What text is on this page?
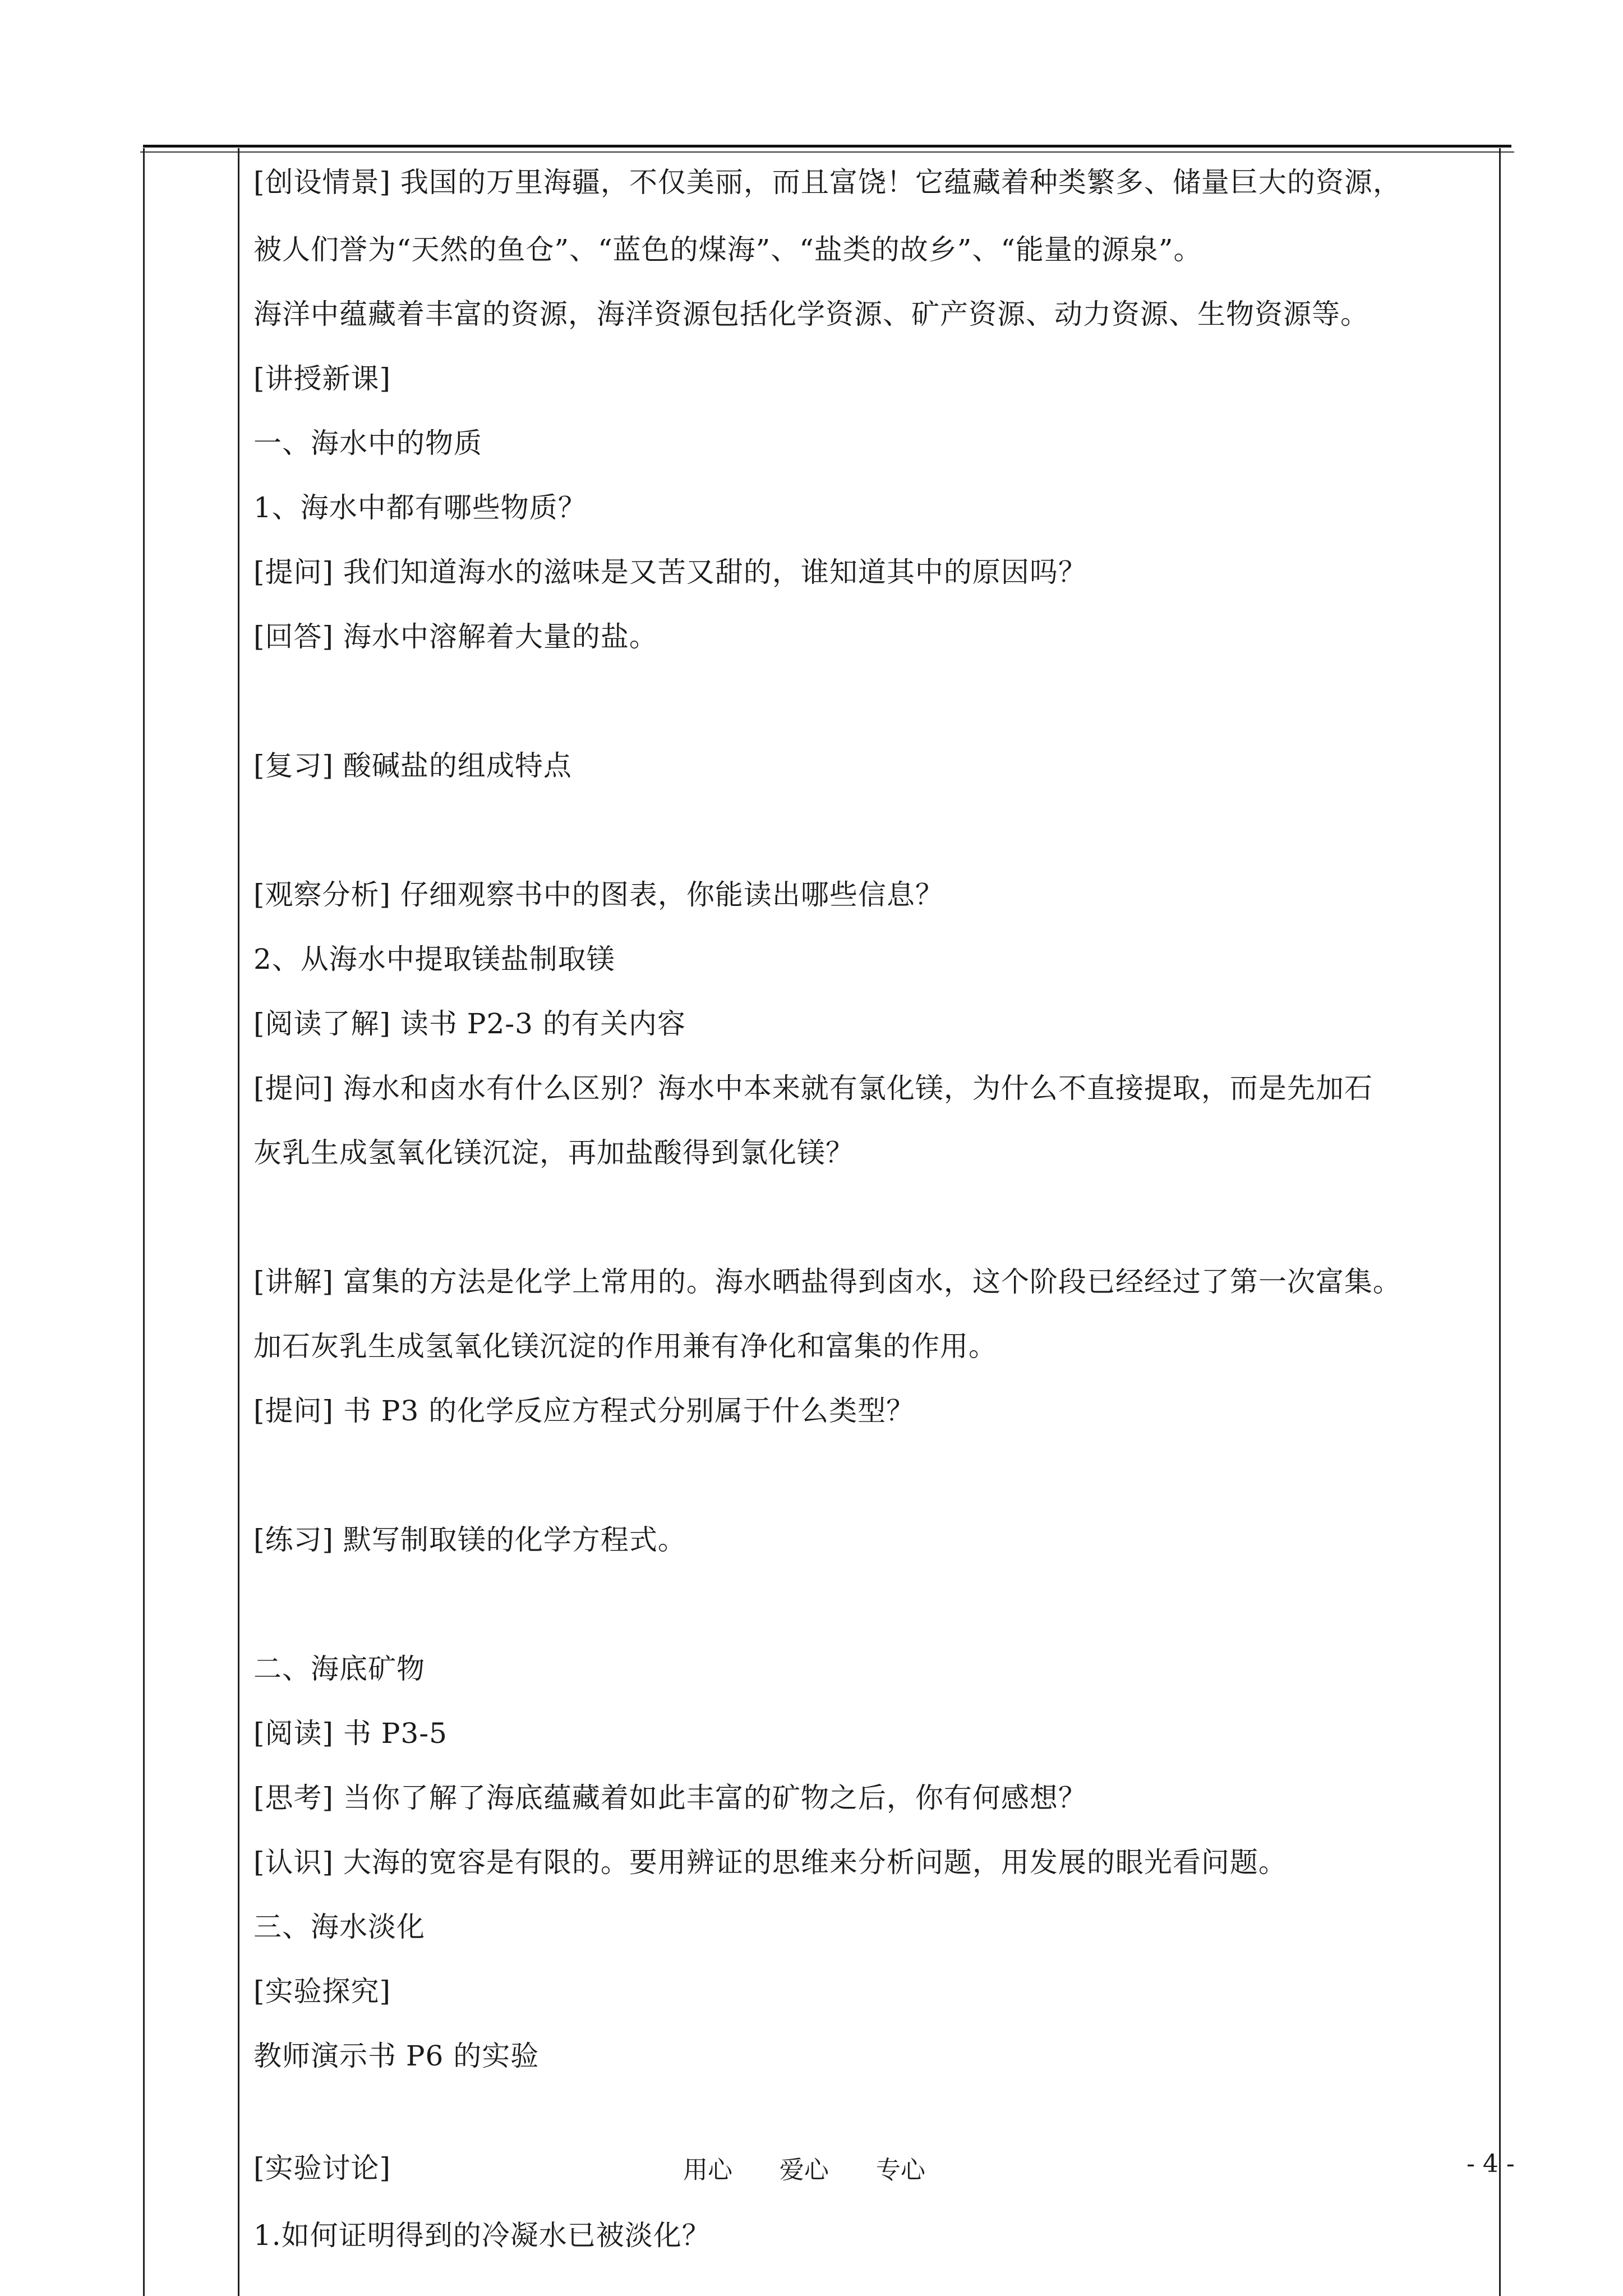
[创设情景] 我国的万里海疆，不仅美丽，而且富饶！它蕴藏着种类繁多、储量巨大的资源，
被人们誉为“天然的鱼仓”、“蓝色的煤海”、“盐类的故乡”、“能量的源泉”。
海洋中蕴藏着丰富的资源，海洋资源包括化学资源、矿产资源、动力资源、生物资源等。
[讲授新课]
一、海水中的物质
1、海水中都有哪些物质？
[提问] 我们知道海水的滋味是又苦又甜的，谁知道其中的原因吗？
[回答] 海水中溶解着大量的盐。
[复习] 酸碱盐的组成特点
[观察分析] 仔细观察书中的图表，你能读出哪些信息？
2、从海水中提取镁盐制取镁
[阅读了解] 读书 P2-3 的有关内容
[提问] 海水和卤水有什么区别？海水中本来就有氯化镁，为什么不直接提取，而是先加石
灰乳生成氢氧化镁沉淀，再加盐酸得到氯化镁？
[讲解] 富集的方法是化学上常用的。海水晒盐得到卤水，这个阶段已经经过了第一次富集。
加石灰乳生成氢氧化镁沉淀的作用兼有净化和富集的作用。
[提问] 书 P3 的化学反应方程式分别属于什么类型？
[练习] 默写制取镁的化学方程式。
二、海底矿物
[阅读] 书 P3-5
[思考] 当你了解了海底蕴藏着如此丰富的矿物之后，你有何感想？
[认识] 大海的宽容是有限的。要用辨证的思维来分析问题，用发展的眼光看问题。
三、海水淡化
[实验探究]
教师演示书 P6 的实验
[实验讨论]
1.如何证明得到的冷凝水已被淡化？
用心      爱心      专心	- 4 -
